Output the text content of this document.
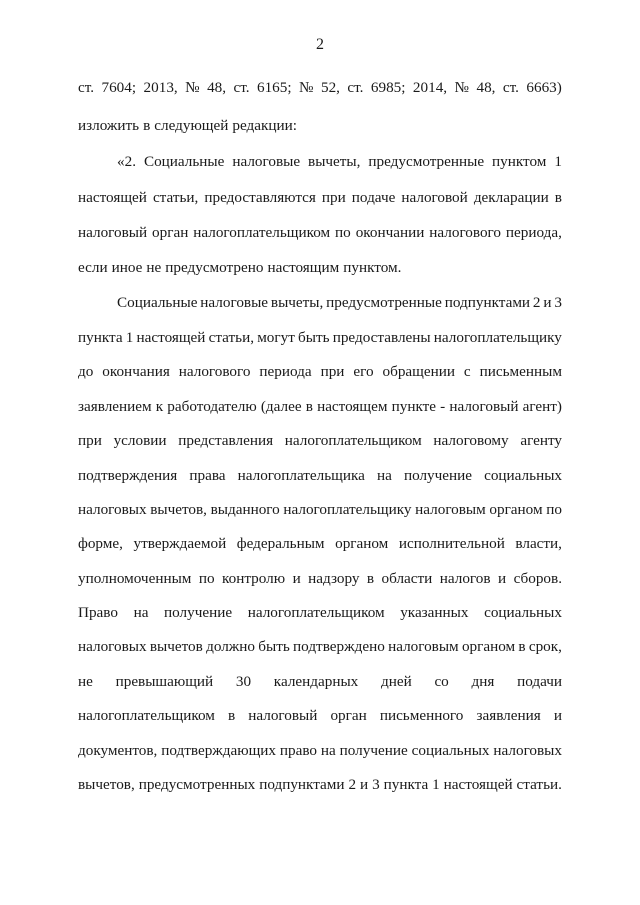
2
ст. 7604; 2013, № 48, ст. 6165; № 52, ст. 6985; 2014, № 48, ст. 6663)
изложить в следующей редакции:
«2. Социальные налоговые вычеты, предусмотренные пунктом 1
настоящей статьи, предоставляются при подаче налоговой декларации в
налоговый орган налогоплательщиком по окончании налогового периода,
если иное не предусмотрено настоящим пунктом.
Социальные налоговые вычеты, предусмотренные подпунктами 2 и 3
пункта 1 настоящей статьи, могут быть предоставлены налогоплательщику
до окончания налогового периода при его обращении с письменным
заявлением к работодателю (далее в настоящем пункте - налоговый агент)
при условии представления налогоплательщиком налоговому агенту
подтверждения права налогоплательщика на получение социальных
налоговых вычетов, выданного налогоплательщику налоговым органом по
форме, утверждаемой федеральным органом исполнительной власти,
уполномоченным по контролю и надзору в области налогов и сборов.
Право на получение налогоплательщиком указанных социальных
налоговых вычетов должно быть подтверждено налоговым органом в срок,
не превышающий 30 календарных дней со дня подачи
налогоплательщиком в налоговый орган письменного заявления и
документов, подтверждающих право на получение социальных налоговых
вычетов, предусмотренных подпунктами 2 и 3 пункта 1 настоящей статьи.
